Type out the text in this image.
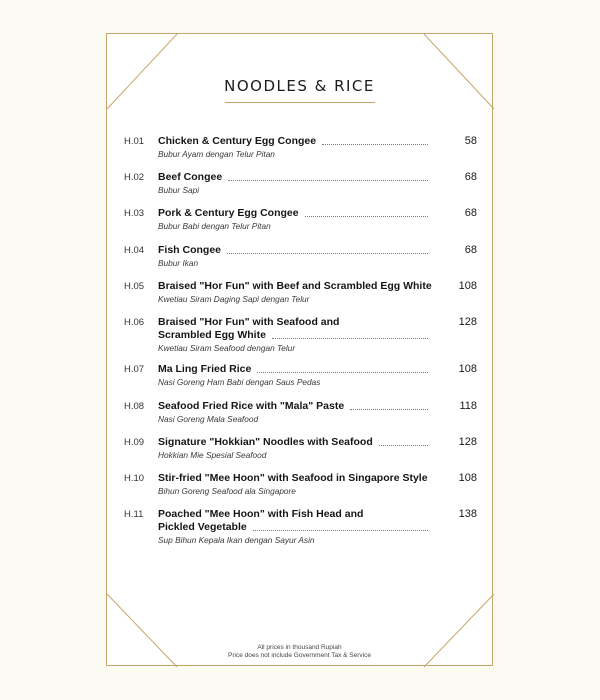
NOODLES & RICE
H.01 Chicken & Century Egg Congee
Bubur Ayam dengan Telur Pitan
58
H.02 Beef Congee
Bubur Sapi
68
H.03 Pork & Century Egg Congee
Bubur Babi dengan Telur Pitan
68
H.04 Fish Congee
Bubur Ikan
68
H.05 Braised "Hor Fun" with Beef and Scrambled Egg White
Kwetiau Siram Daging Sapi dengan Telur
108
H.06 Braised "Hor Fun" with Seafood and
Scrambled Egg White
Kwetiau Siram Seafood dengan Telur
128
H.07 Ma Ling Fried Rice
Nasi Goreng Ham Babi dengan Saus Pedas
108
H.08 Seafood Fried Rice with "Mala" Paste
Nasi Goreng Mala Seafood
118
H.09 Signature "Hokkian" Noodles with Seafood
Hokkian Mie Spesial Seafood
128
H.10 Stir-fried "Mee Hoon" with Seafood in Singapore Style
Bihun Goreng Seafood ala Singapore
108
H.11 Poached "Mee Hoon" with Fish Head and
Pickled Vegetable
Sup Bihun Kepala Ikan dengan Sayur Asin
138
All prices in thousand Rupiah
Price does not include Government Tax & Service
